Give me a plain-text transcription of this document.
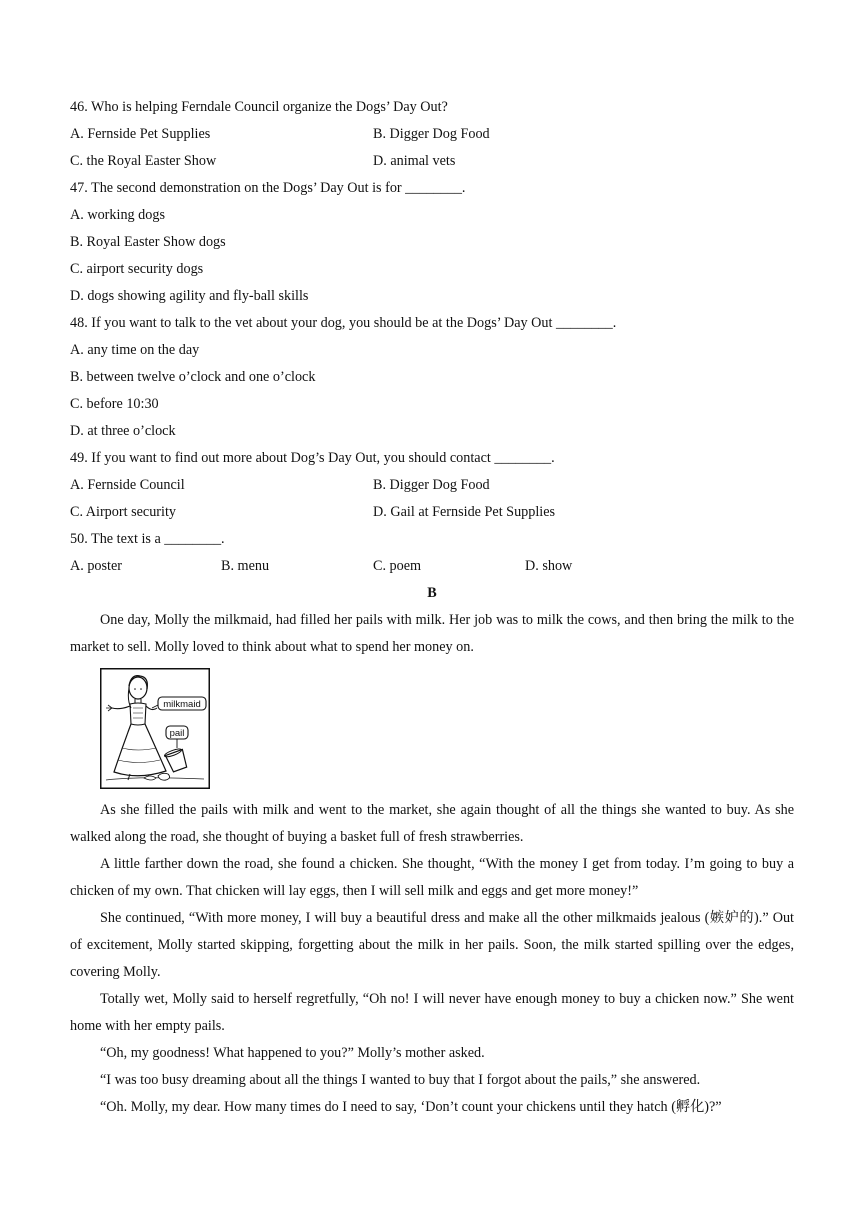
46. Who is helping Ferndale Council organize the Dogs’ Day Out?
A. Fernside Pet Supplies	B. Digger Dog Food
C. the Royal Easter Show	D. animal vets
47. The second demonstration on the Dogs’ Day Out is for ________.
A. working dogs
B. Royal Easter Show dogs
C. airport security dogs
D. dogs showing agility and fly-ball skills
48. If you want to talk to the vet about your dog, you should be at the Dogs’ Day Out ________.
A. any time on the day
B. between twelve o’clock and one o’clock
C. before 10:30
D. at three o’clock
49. If you want to find out more about Dog’s Day Out, you should contact ________.
A. Fernside Council	B. Digger Dog Food
C. Airport security	D. Gail at Fernside Pet Supplies
50. The text is a ________.
A. poster	B. menu	C. poem	D. show
B

One day, Molly the milkmaid, had filled her pails with milk. Her job was to milk the cows, and then bring the milk to the market to sell. Molly loved to think about what to spend her money on.

milkmaid
pail

As she filled the pails with milk and went to the market, she again thought of all the things she wanted to buy. As she walked along the road, she thought of buying a basket full of fresh strawberries.

A little farther down the road, she found a chicken. She thought, “With the money I get from today. I’m going to buy a chicken of my own. That chicken will lay eggs, then I will sell milk and eggs and get more money!”

She continued, “With more money, I will buy a beautiful dress and make all the other milkmaids jealous (嫉妒的).” Out of excitement, Molly started skipping, forgetting about the milk in her pails. Soon, the milk started spilling over the edges, covering Molly.

Totally wet, Molly said to herself regretfully, “Oh no! I will never have enough money to buy a chicken now.” She went home with her empty pails.

“Oh, my goodness! What happened to you?” Molly’s mother asked.

“I was too busy dreaming about all the things I wanted to buy that I forgot about the pails,” she answered.

“Oh. Molly, my dear. How many times do I need to say, ‘Don’t count your chickens until they hatch (孵化)?”
